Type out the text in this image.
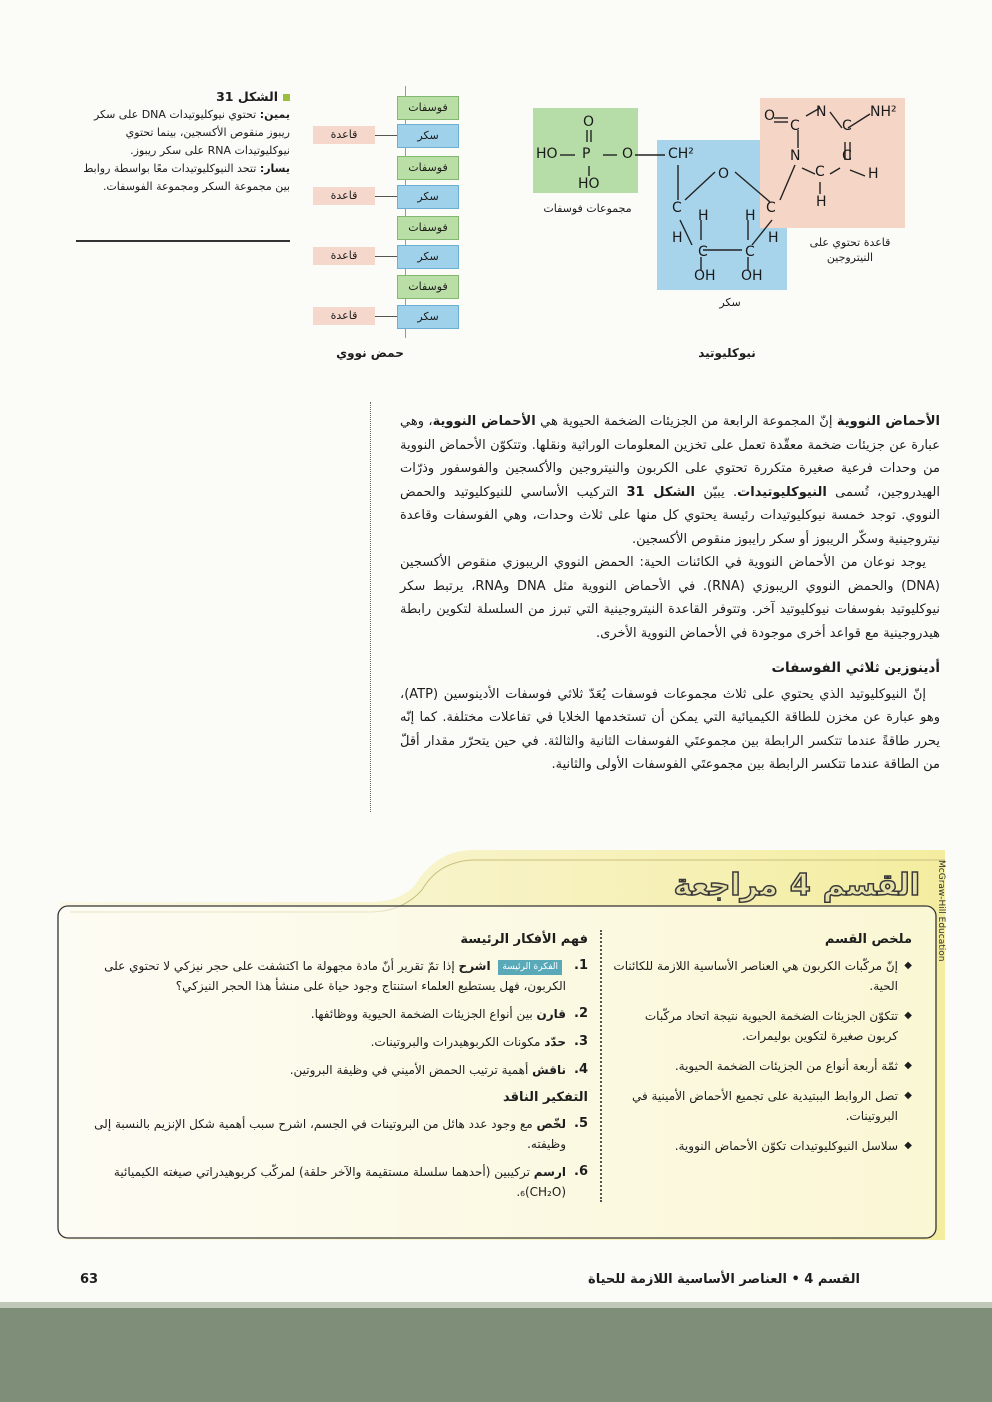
الشكل 31
يمين: تحتوي نيوكليوتيدات DNA على سكر ريبوز منقوص الأكسجين، بينما تحتوي نيوكليوتيدات RNA على سكر ريبوز.
يسار: تتحد النيوكليوتيدات معًا بواسطة روابط بين مجموعة السكر ومجموعة الفوسفات.
فوسفات
سكر
قاعدة
فوسفات
سكر
قاعدة
فوسفات
سكر
قاعدة
فوسفات
سكر
قاعدة
حمض نووي
O
HO P O
HO
CH²
O
C	C
H	H
H	H
C	C
OH OH
O
C
N
C
NH²
N	C
C	H
H
مجموعات فوسفات
قاعدة تحتوي على النيتروجين
سكر
نيوكليوتيد

الأحماض النووية إنّ المجموعة الرابعة من الجزيئات الضخمة الحيوية هي الأحماض النووية، وهي عبارة عن جزيئات ضخمة معقّدة تعمل على تخزين المعلومات الوراثية ونقلها. وتتكوّن الأحماض النووية من وحدات فرعية صغيرة متكررة تحتوي على الكربون والنيتروجين والأكسجين والفوسفور وذرّات الهيدروجين، تُسمى النيوكليوتيدات. يبيّن الشكل 31 التركيب الأساسي للنيوكليوتيد والحمض النووي. توجد خمسة نيوكليوتيدات رئيسة يحتوي كل منها على ثلاث وحدات، وهي الفوسفات وقاعدة نيتروجينية وسكّر الريبوز أو سكر رايبوز منقوص الأكسجين.

يوجد نوعان من الأحماض النووية في الكائنات الحية: الحمض النووي الريبوزي منقوص الأكسجين (DNA) والحمض النووي الريبوزي (RNA). في الأحماض النووية مثل DNA وRNA، يرتبط سكر نيوكليوتيد بفوسفات نيوكليوتيد آخر. وتتوفر القاعدة النيتروجينية التي تبرز من السلسلة لتكوين رابطة هيدروجينية مع قواعد أخرى موجودة في الأحماض النووية الأخرى.

أدينوزين ثلاثي الفوسفات

إنّ النيوكليوتيد الذي يحتوي على ثلاث مجموعات فوسفات يُعَدّ ثلاثي فوسفات الأدينوسين (ATP)، وهو عبارة عن مخزن للطاقة الكيميائية التي يمكن أن تستخدمها الخلايا في تفاعلات مختلفة. كما إنّه يحرر طاقةً عندما تتكسر الرابطة بين مجموعتَي الفوسفات الثانية والثالثة. في حين يتحرّر مقدار أقلّ من الطاقة عندما تتكسر الرابطة بين مجموعتَي الفوسفات الأولى والثانية.

القسم4مراجعة
ملخص القسم
◆ إنّ مركّبات الكربون هي العناصر الأساسية اللازمة للكائنات الحية.
◆ تتكوّن الجزيئات الضخمة الحيوية نتيجة اتحاد مركّبات كربون صغيرة لتكوين بوليمرات.
◆ ثمّة أربعة أنواع من الجزيئات الضخمة الحيوية.
◆ تصل الروابط الببتيدية على تجميع الأحماض الأمينية في البروتينات.
◆ سلاسل النيوكليوتيدات تكوّن الأحماض النووية.
فهم الأفكار الرئيسة
1.
الفكرة الرئيسة اشرح إذا تمّ تقرير أنّ مادة مجهولة ما اكتشفت على حجر نيزكي لا تحتوي على الكربون، فهل يستطيع العلماء استنتاج وجود حياة على منشأ هذا الحجر النيزكي؟
2.
قارن بين أنواع الجزيئات الضخمة الحيوية ووظائفها.
3.
حدّد مكونات الكربوهيدرات والبروتينات.
4.
ناقش أهمية ترتيب الحمض الأميني في وظيفة البروتين.
التفكير الناقد
5.
لخّص مع وجود عدد هائل من البروتينات في الجسم، اشرح سبب أهمية شكل الإنزيم بالنسبة إلى وظيفته.
6.
ارسم تركيبين (أحدهما سلسلة مستقيمة والآخر حلقة) لمركّب كربوهيدراتي صيغته الكيميائية (CH₂O)₆.
McGraw-Hill Education
القسم 4 • العناصر الأساسية اللازمة للحياة
63
